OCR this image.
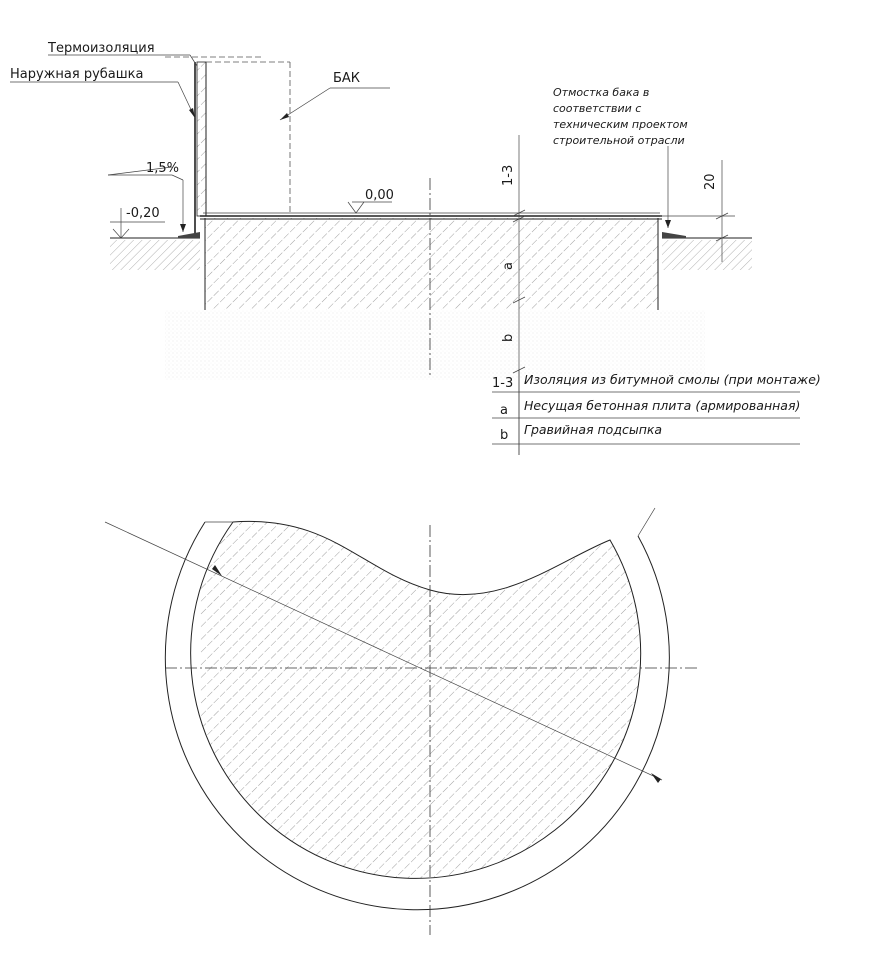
Термоизоляция
Наружная рубашка	БАК
1,5%
-0,20
0,00
Отмостка бака в
соответствии с
техническим проектом
строительной отрасли
1-3
a
b
20
1-3 Изоляция из битумной смолы (при монтаже)
a Несущая бетонная плита (армированная)
b Гравийная подсыпка
